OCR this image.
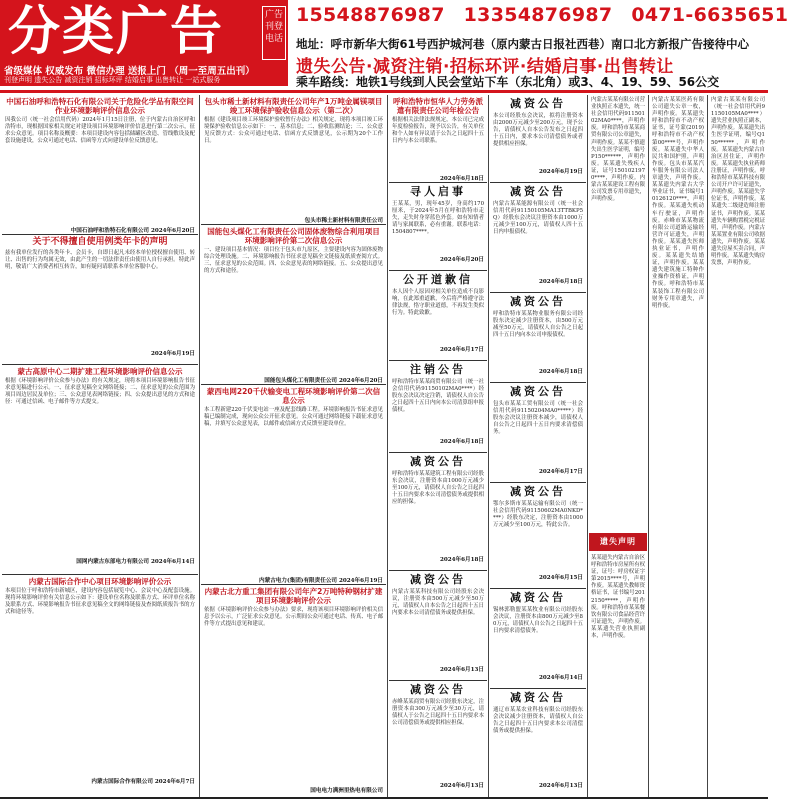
分类广告	广告刊登电话
省级媒体 权威发布 微信办理 送报上门 （周一至周五出刊）
刊登声明 遗失公告 减资注销 招标环评 结婚启事 出售转让 一站式服务
15548876987 13354876987 0471-6635651
地址：呼市新华大街61号西护城河巷（原内蒙古日报社西巷）南口北方新报广告接待中心
遗失公告·减资注销·招标环评·结婚启事·出售转让
乘车路线：地铁1号线到人民会堂站下车（东北角）或3、4、19、59、56公交
中国石油呼和浩特石化有限公司关于危险化学品有限空间作业环境影响评价信息公示
因我公司（统一社会信用代码）2024年1月15日注册，位于内蒙古自治区呼和浩特市，现根据国家相关规定对建设项目环境影响评价信息进行第二次公示，征求公众意见。项目名称及概要：本项目建设内容包括储罐区改造、管线敷设及配套设施建设，公众可通过电话、信函等方式向建设单位反馈意见。
中国石油呼和浩特石化有限公司 2024年6月20日
关于不得擅自使用例类年卡的声明
兹有我单位发行的各类年卡、会员卡，自即日起凡未经本单位授权擅自使用、转让、出售的行为均属无效，由此产生的一切法律责任由使用人自行承担。特此声明，敬请广大消费者相互转告，如有疑问请联系本单位客服中心。
2024年6月19日
蒙古高原中心二期扩建工程环境影响评价信息公示
根据《环境影响评价公众参与办法》的有关规定，现将本项目环境影响报告书征求意见稿进行公示。一、征求意见稿全文网络链接；二、征求意见的公众范围为项目周边居民及单位；三、公众意见表网络链接；四、公众提出意见的方式和途径：可通过信函、电子邮件等方式提交。
国网内蒙古东部电力有限公司 2024年6月14日
内蒙古国际合作中心项目环境影响评价公示
本项目位于呼和浩特市新城区，建设内容包括展览中心、会议中心及配套设施。现将环境影响评价有关信息公示如下：建设单位名称及联系方式、环评单位名称及联系方式、环境影响报告书征求意见稿全文的网络链接及查阅纸质报告书的方式和途径等。
内蒙古国际合作有限公司 2024年6月7日
包头市稀土新材料有限责任公司年产1万吨金属镁项目竣工环境保护验收信息公示（第二次）
根据《建设项目竣工环境保护验收暂行办法》相关规定，现将本项目竣工环境保护验收信息公示如下：一、基本信息；二、验收监测结论；三、公众意见反馈方式：公众可通过电话、信函方式反馈意见，公示期为20个工作日。
包头市稀土新材料有限责任公司
国能包头煤化工有限责任公司固体废物综合利用项目环境影响评价第二次信息公示
一、建设项目基本情况：项目位于包头市九原区，主要建设内容为固体废物综合处理设施。二、环境影响报告书征求意见稿全文链接及纸质查阅方式。三、征求意见的公众范围。四、公众意见表的网络链接。五、公众提出意见的方式和途径。
国能包头煤化工有限责任公司 2024年6月20日
蒙西电网220千伏输变电工程环境影响评价第二次信息公示
本工程新建220千伏变电站一座及配套线路工程。环境影响报告书征求意见稿已编制完成，现向公众公开征求意见。公众可通过网络链接下载征求意见稿，并填写公众意见表，以邮件或信函方式反馈至建设单位。
内蒙古电力(集团)有限责任公司 2024年6月19日
内蒙古北方重工集团有限公司年产2万吨特种钢材扩建项目环境影响评价公示
依据《环境影响评价公众参与办法》要求，现将该项目环境影响评价相关信息予以公示，广泛征求公众意见。公示期间公众可通过电话、传真、电子邮件等方式提出意见和建议。
国电电力满洲里热电有限公司
呼和浩特市恒华人力劳务派遣有限责任公司年检公告
根据相关法律法规规定，本公司已完成年度检验报告，现予以公告，有关单位和个人如有异议请于公告之日起四十五日内与本公司联系。
2024年6月18日
寻人启事
王某某，男，现年45岁，身高约170厘米，于2024年5月在呼和浩特市走失，走失时身穿蓝色外套。如有知情者请与家属联系，必有重谢。联系电话：1504807****。
2024年6月20日
公开道歉信
本人因个人原因对相关单位造成不良影响，在此郑重道歉，今后将严格遵守法律法规，恪守职业道德，不再发生类似行为。特此致歉。
2024年6月17日
注销公告
呼和浩特市某某商贸有限公司（统一社会信用代码91150102MA0****）经股东会决议决定注销，请债权人自公告之日起四十五日内向本公司清算组申报债权。
2024年6月18日
减资公告
呼和浩特市某某建筑工程有限公司经股东会决议，注册资本由1000万元减少至100万元，请债权人自公告之日起四十五日内要求本公司清偿债务或提供相应的担保。
2024年6月18日
减资公告
内蒙古某某科技有限公司经股东会决议，注册资本由500万元减少至50万元，请债权人自本公告之日起四十五日内要求本公司清偿债务或提供担保。
2024年6月13日
减资公告
赤峰某某商贸有限公司经股东决定，注册资本由300万元减少至30万元，请债权人于公告之日起四十五日内要求本公司清偿债务或提供相应担保。
2024年6月13日
减资公告
本公司经股东会决议，拟将注册资本由2000万元减少至200万元，现予公告，请债权人自本公告发布之日起四十五日内，要求本公司清偿债务或者提供相应担保。
2024年6月19日
减资公告
内蒙古某某能源有限公司（统一社会信用代码91150105MA13TTBKP5Q）经股东会决议注册资本由1000万元减少至100万元，请债权人四十五日内申报债权。
2024年6月18日
减资公告
呼和浩特市某某物业服务有限公司经股东决定减少注册资本，由500万元减至50万元，请债权人自公告之日起四十五日内向本公司申报债权。
2024年6月18日
减资公告
包头市某某工贸有限公司（统一社会信用代码91150204MA0*****）经股东会决议注册资本减少，请债权人自公告之日起四十五日内要求清偿债务。
2024年6月17日
减资公告
鄂尔多斯市某某运输有限公司（统一社会信用代码91150602MA0NKD****）经股东决定，注册资本由1000万元减少至100万元，特此公告。
2024年6月15日
减资公告
锡林郭勒盟某某牧业有限公司经股东会决议，注册资本由800万元减少至80万元，请债权人自公告之日起四十五日内要求清偿债务。
2024年6月14日
减资公告
通辽市某某农业科技有限公司经股东会决议减少注册资本，请债权人自公告之日起四十五日内要求本公司清偿债务或提供担保。
2024年6月13日
内蒙古某某有限公司营业执照正本遗失，统一社会信用代码91150102MA0****，声明作废。呼和浩特市某某商贸有限公司公章遗失，声明作废。某某不慎遗失出生医学证明，编号P150******，声明作废。某某遗失残疾人证，证号1501021970****，声明作废。内蒙古某某建设工程有限公司发票专用章遗失，声明作废。
遗失声明
某某遗失内蒙古自治区呼和浩特市房屋所有权证，证号：呼房权证字第2015****号，声明作废。某某遗失教师资格证书，证书编号2012150*****，声明作废。呼和浩特市某某餐饮有限公司食品经营许可证遗失，声明作废。某某遗失营业执照副本，声明作废。
内蒙古某某医药有限公司遗失公章一枚，声明作废。某某遗失呼和浩特市不动产权证书，证号蒙(2019)呼和浩特市不动产权第00****号，声明作废。某某遗失中华人民共和国护照，声明作废。包头市某某汽车服务有限公司法人章遗失，声明作废。某某遗失内蒙古大学毕业证书，证书编号10126120****，声明作废。某某遗失机动车行驶证，声明作废。赤峰市某某物流有限公司道路运输经营许可证遗失，声明作废。某某遗失医师执业证书，声明作废。某某遗失结婚证，声明作废。某某遗失建筑施工特种作业操作资格证，声明作废。呼和浩特市某某装饰工程有限公司财务专用章遗失，声明作废。
内蒙古某某有限公司（统一社会信用代码91150105MA0****）遗失营业执照正副本，声明作废。某某遗失出生医学证明，编号Q150******，声明作废。某某遗失内蒙古自治区居住证，声明作废。某某遗失执业药师注册证，声明作废。呼和浩特市某某科技有限公司开户许可证遗失，声明作废。某某遗失学位证书，声明作废。某某遗失二级建造师注册证书，声明作废。某某遗失车辆购置税完税证明，声明作废。内蒙古某某置业有限公司收据遗失，声明作废。某某遗失房屋买卖合同，声明作废。某某遗失购房发票，声明作废。
